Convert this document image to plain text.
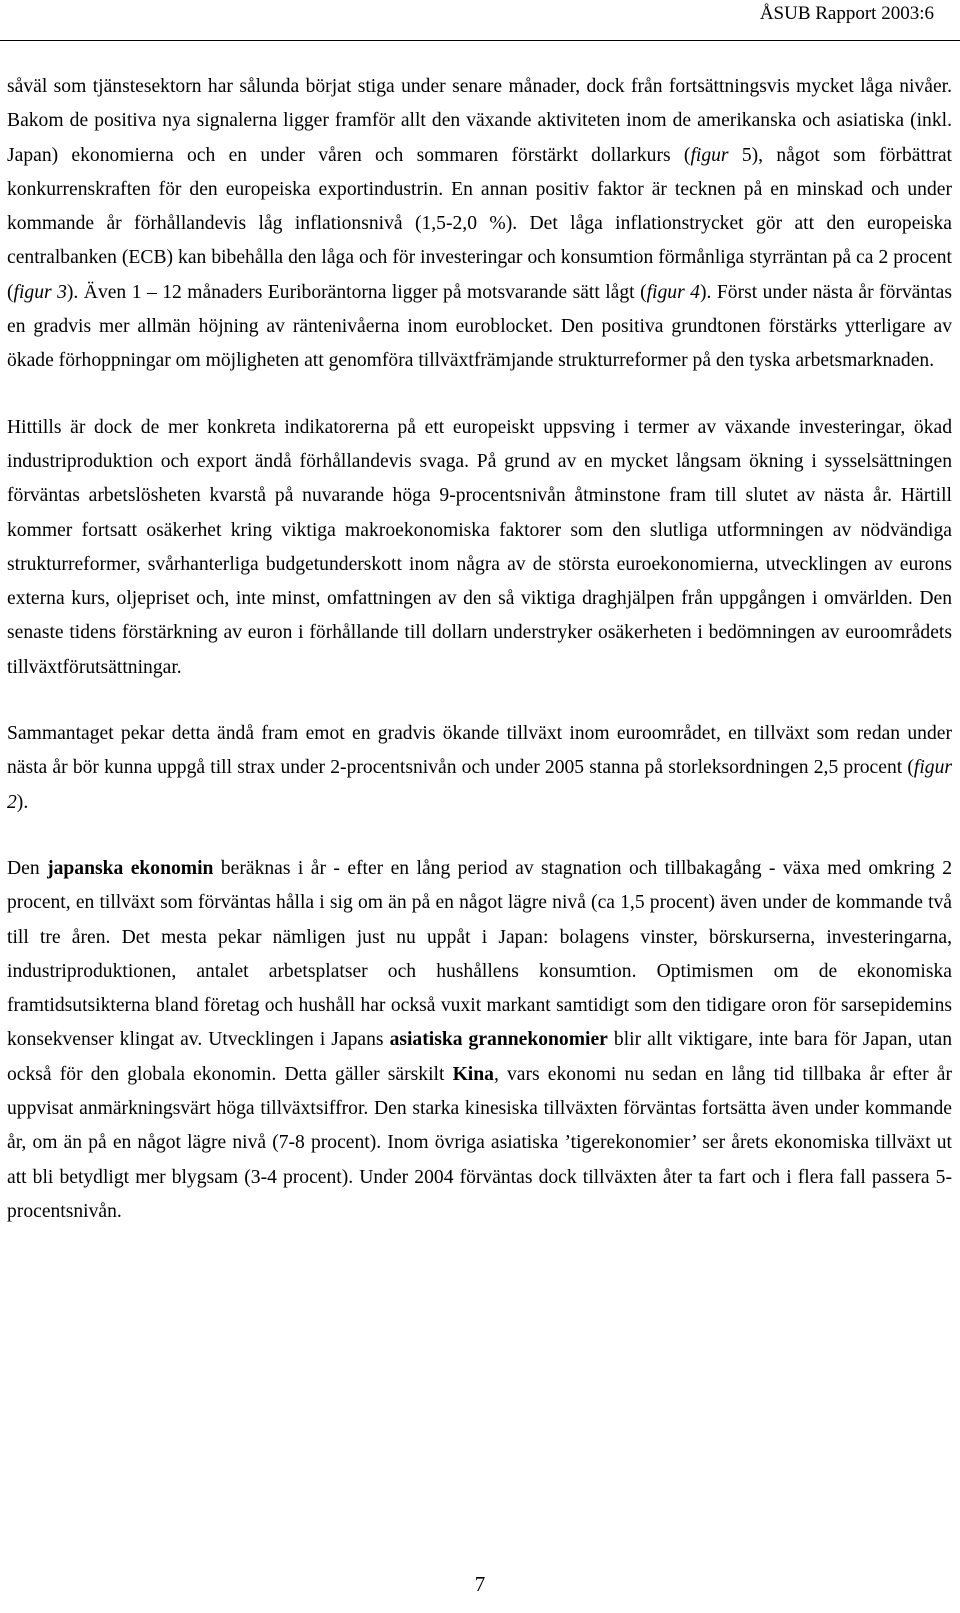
ÅSUB Rapport 2003:6

såväl som tjänstesektorn har sålunda börjat stiga under senare månader, dock från fortsättningsvis mycket låga nivåer. Bakom de positiva nya signalerna ligger framför allt den växande aktiviteten inom de amerikanska och asiatiska (inkl. Japan) ekonomierna och en under våren och sommaren förstärkt dollarkurs (figur 5), något som förbättrat konkurrenskraften för den europeiska exportindustrin. En annan positiv faktor är tecknen på en minskad och under kommande år förhållandevis låg inflationsnivå (1,5-2,0 %). Det låga inflationstrycket gör att den europeiska centralbanken (ECB) kan bibehålla den låga och för investeringar och konsumtion förmånliga styrräntan på ca 2 procent (figur 3). Även 1 – 12 månaders Euriboräntorna ligger på motsvarande sätt lågt (figur 4). Först under nästa år förväntas en gradvis mer allmän höjning av räntenivåerna inom euroblocket. Den positiva grundtonen förstärks ytterligare av ökade förhoppningar om möjligheten att genomföra tillväxtfrämjande strukturreformer på den tyska arbetsmarknaden.

Hittills är dock de mer konkreta indikatorerna på ett europeiskt uppsving i termer av växande investeringar, ökad industriproduktion och export ändå förhållandevis svaga. På grund av en mycket långsam ökning i sysselsättningen förväntas arbetslösheten kvarstå på nuvarande höga 9-procentsnivån åtminstone fram till slutet av nästa år. Härtill kommer fortsatt osäkerhet kring viktiga makroekonomiska faktorer som den slutliga utformningen av nödvändiga strukturreformer, svårhanterliga budgetunderskott inom några av de största euroekonomierna, utvecklingen av eurons externa kurs, oljepriset och, inte minst, omfattningen av den så viktiga draghjälpen från uppgången i omvärlden. Den senaste tidens förstärkning av euron i förhållande till dollarn understryker osäkerheten i bedömningen av euroområdets tillväxtförutsättningar.

Sammantaget pekar detta ändå fram emot en gradvis ökande tillväxt inom euroområdet, en tillväxt som redan under nästa år bör kunna uppgå till strax under 2-procentsnivån och under 2005 stanna på storleksordningen 2,5 procent (figur 2).

Den japanska ekonomin beräknas i år - efter en lång period av stagnation och tillbakagång - växa med omkring 2 procent, en tillväxt som förväntas hålla i sig om än på en något lägre nivå (ca 1,5 procent) även under de kommande två till tre åren. Det mesta pekar nämligen just nu uppåt i Japan: bolagens vinster, börskurserna, investeringarna, industriproduktionen, antalet arbetsplatser och hushållens konsumtion. Optimismen om de ekonomiska framtidsutsikterna bland företag och hushåll har också vuxit markant samtidigt som den tidigare oron för sarsepidemins konsekvenser klingat av. Utvecklingen i Japans asiatiska grannekonomier blir allt viktigare, inte bara för Japan, utan också för den globala ekonomin. Detta gäller särskilt Kina, vars ekonomi nu sedan en lång tid tillbaka år efter år uppvisat anmärkningsvärt höga tillväxtsiffror. Den starka kinesiska tillväxten förväntas fortsätta även under kommande år, om än på en något lägre nivå (7-8 procent). Inom övriga asiatiska ’tigerekonomier’ ser årets ekonomiska tillväxt ut att bli betydligt mer blygsam (3-4 procent). Under 2004 förväntas dock tillväxten åter ta fart och i flera fall passera 5-procentsnivån.

7
